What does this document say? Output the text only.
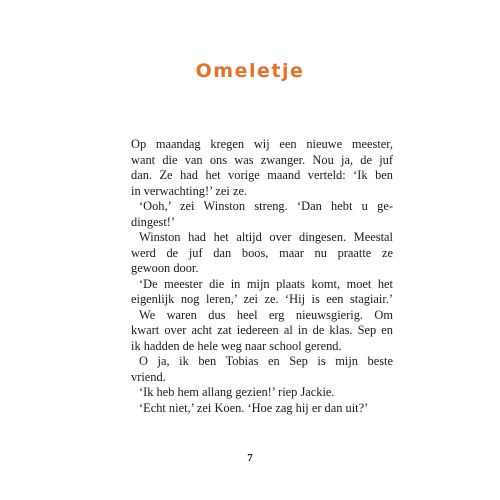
Omeletje
Op maandag kregen wij een nieuwe meester,
want die van ons was zwanger. Nou ja, de juf
dan. Ze had het vorige maand verteld: ‘Ik ben
in verwachting!’ zei ze.
‘Ooh,’ zei Winston streng. ‘Dan hebt u ge-
dingest!’
Winston had het altijd over dingesen. Meestal
werd de juf dan boos, maar nu praatte ze
gewoon door.
‘De meester die in mijn plaats komt, moet het
eigenlijk nog leren,’ zei ze. ‘Hij is een stagiair.’
We waren dus heel erg nieuwsgierig. Om
kwart over acht zat iedereen al in de klas. Sep en
ik hadden de hele weg naar school gerend.
O ja, ik ben Tobias en Sep is mijn beste
vriend.
‘Ik heb hem allang gezien!’ riep Jackie.
‘Echt niet,’ zei Koen. ‘Hoe zag hij er dan uit?’
7
